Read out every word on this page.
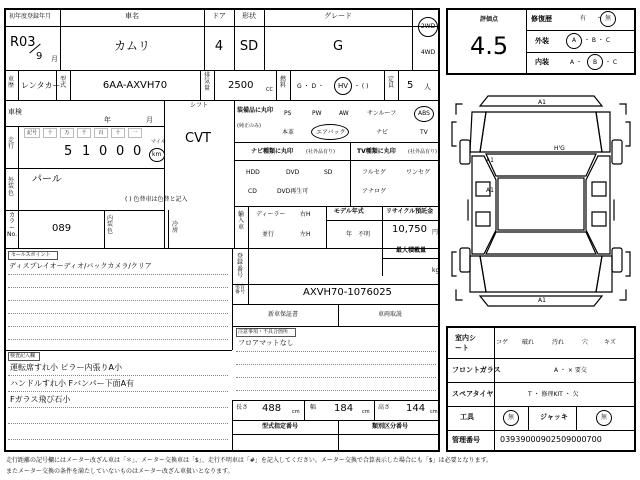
初年度登録年月
R03
9 月
車名
カムリ
ドア
4
形状
SD
グレード
G
2WD
4WD
車歴 レンタカー
型式	6AA-AXVH70
排気量 2500	CC
燃料 G ・ D ・ HV ・ ( )
定員 5 人
車検
年	月
シフト
CVT
走行
記号	十	万	千	百	十	一
5 1 0 0 0
マイル
km
外装色
パール
( ) 色替車は色替と記入
カラーNo.
089
内装色
冷房
装備品に丸印
(純正のみ)
PS	PW	AW	サンルーフ	ABS
本革	エアバック	ナビ	TV
ナビ種類に丸印	(社外品有り)	TV種類に丸印 (社外品有り)
HDD	DVD	SD
CD	DVD再生可
フルセグ	ワンセグ
アナログ
輸入車
ディーラー
並行
右H
左H
モデル年式
年　不明
リサイクル預託金
10,750 円
最大積載量
kg
セールスポイント
ディスプレイオーディオ/バックカメラ/クリア
登録番号
車台番号	AXVH70-1076025
新車保証書	車両取説
注意事項・不具合箇所
フロアマットなし
検査記入欄
運転席すれ小 ピラー内張りA小
ハンドルすれ小 Fバンパー下面A有
Fガラス飛び石小
長さ 488 cm
幅 184 cm
高さ 144 cm
型式指定番号	類別区分番号
評価点
4.5
修復歴	有 ・ 無
外装	A ・ B ・ C
内装	A ・ B ・ C
A1
A1
A1
A1
H'G
室内シート
コゲ 破れ	汚れ	穴	キズ
フロントガラス	A ・ × 要交
スペアタイヤ	T ・ 修理KIT ・ 欠
工具	無	ジャッキ	無
管理番号	03939000902509000700
走行距離の記号欄にはメーター改ざん車は「＊」、メーター交換車は「$」、走行不明車は「#」を記入してください。メーター交換で合算表示した場合にも「$」は必要となります。
またメーター交換の条件を満たしていないものはメーター改ざん車扱いとなります。
